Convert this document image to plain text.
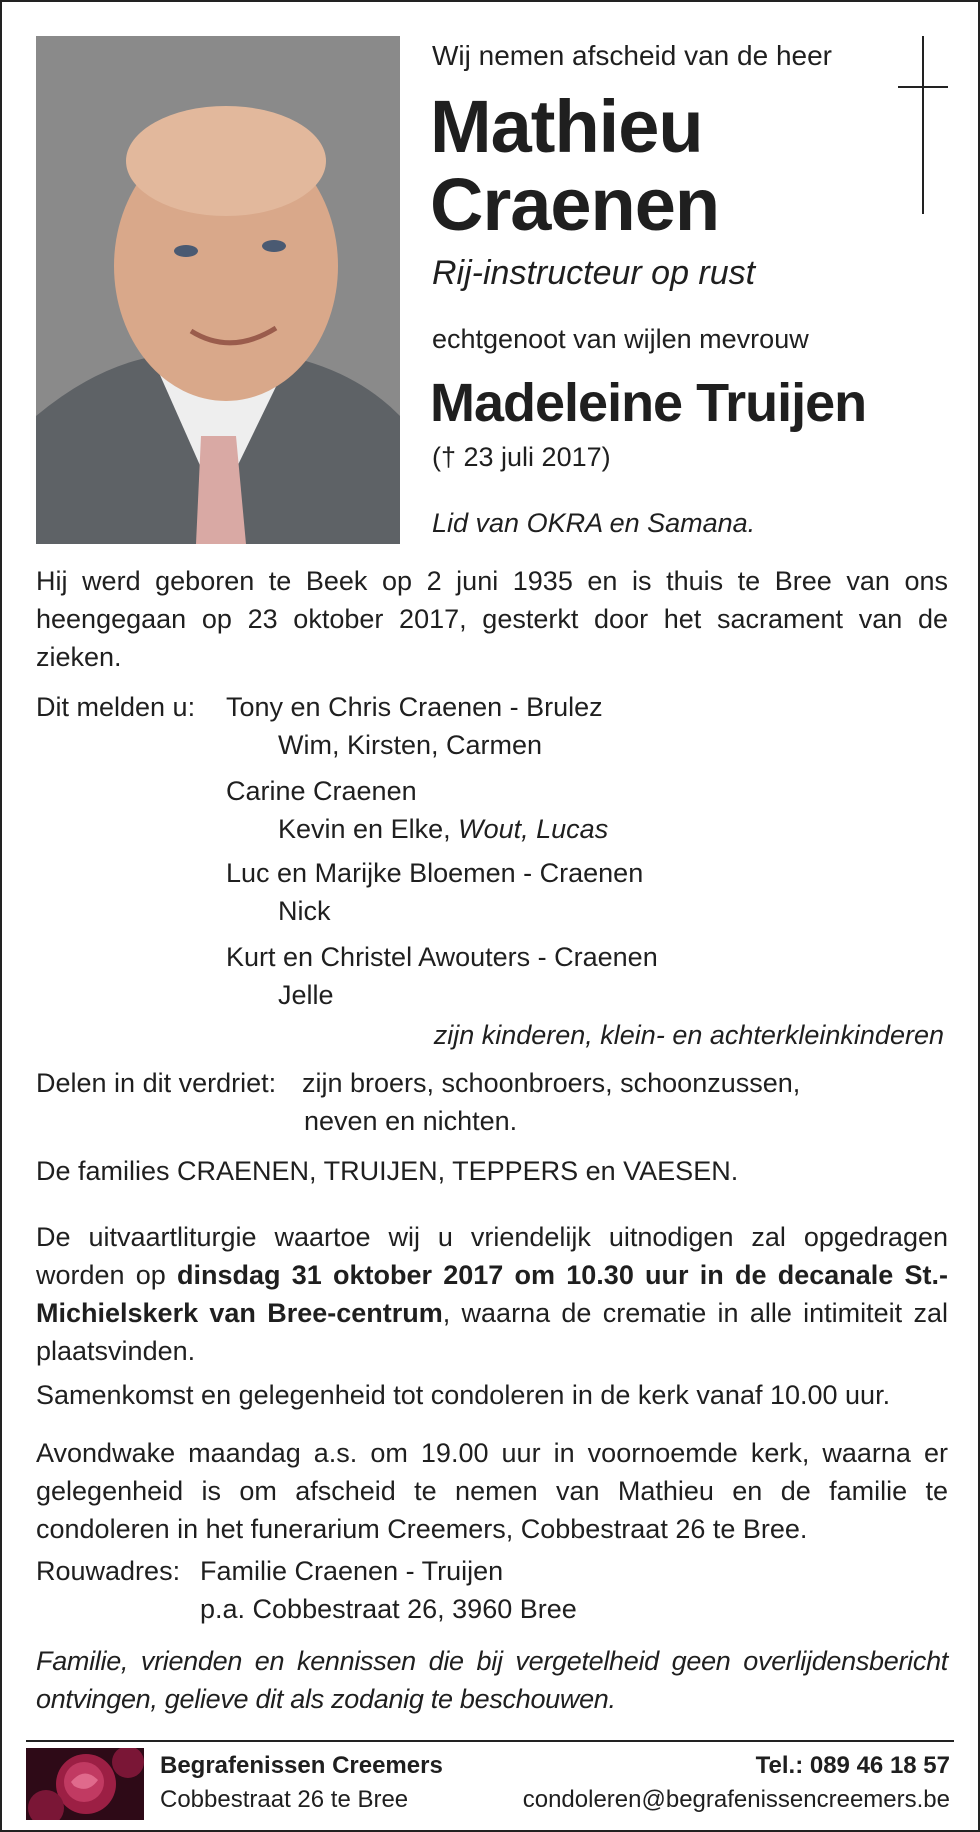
Wij nemen afscheid van de heer
Mathieu
Craenen
Rij-instructeur op rust
echtgenoot van wijlen mevrouw
Madeleine Truijen
(† 23 juli 2017)
Lid van OKRA en Samana.
Hij werd geboren te Beek op 2 juni 1935 en is thuis te Bree van ons heengegaan op 23 oktober 2017, gesterkt door het sacrament van de zieken.
Dit melden u: Tony en Chris Craenen - Brulez
Wim, Kirsten, Carmen
Carine Craenen
Kevin en Elke, Wout, Lucas
Luc en Marijke Bloemen - Craenen
Nick
Kurt en Christel Awouters - Craenen
Jelle
zijn kinderen, klein- en achterkleinkinderen
Delen in dit verdriet: zijn broers, schoonbroers, schoonzussen,
neven en nichten.
De families CRAENEN, TRUIJEN, TEPPERS en VAESEN.
De uitvaartliturgie waartoe wij u vriendelijk uitnodigen zal opgedragen worden op dinsdag 31 oktober 2017 om 10.30 uur in de decanale St.-Michielskerk van Bree-centrum, waarna de crematie in alle intimiteit zal plaatsvinden.
Samenkomst en gelegenheid tot condoleren in de kerk vanaf 10.00 uur.
Avondwake maandag a.s. om 19.00 uur in voornoemde kerk, waarna er gelegenheid is om afscheid te nemen van Mathieu en de familie te condoleren in het funerarium Creemers, Cobbestraat 26 te Bree.
Rouwadres: Familie Craenen - Truijen
p.a. Cobbestraat 26, 3960 Bree
Familie, vrienden en kennissen die bij vergetelheid geen overlijdensbericht ontvingen, gelieve dit als zodanig te beschouwen.
Begrafenissen Creemers
Cobbestraat 26 te Bree
Tel.: 089 46 18 57
condoleren@begrafenissencreemers.be
